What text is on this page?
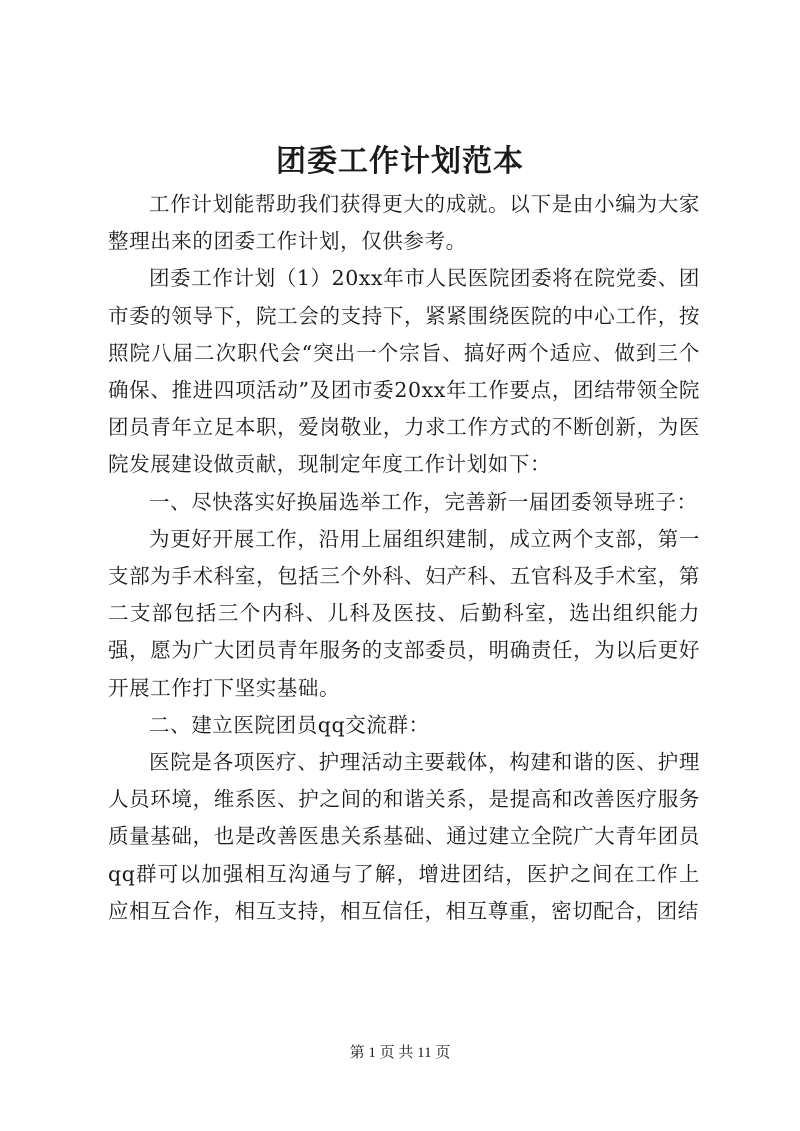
团委工作计划范本

工作计划能帮助我们获得更大的成就。以下是由小编为大家整理出来的团委工作计划，仅供参考。

团委工作计划（1）20xx年市人民医院团委将在院党委、团市委的领导下，院工会的支持下，紧紧围绕医院的中心工作，按照院八届二次职代会“突出一个宗旨、搞好两个适应、做到三个确保、推进四项活动”及团市委20xx年工作要点，团结带领全院团员青年立足本职，爱岗敬业，力求工作方式的不断创新，为医院发展建设做贡献，现制定年度工作计划如下：

一、尽快落实好换届选举工作，完善新一届团委领导班子：

为更好开展工作，沿用上届组织建制，成立两个支部，第一支部为手术科室，包括三个外科、妇产科、五官科及手术室，第二支部包括三个内科、儿科及医技、后勤科室，选出组织能力强，愿为广大团员青年服务的支部委员，明确责任，为以后更好开展工作打下坚实基础。

二、建立医院团员qq交流群：

医院是各项医疗、护理活动主要载体，构建和谐的医、护理人员环境，维系医、护之间的和谐关系，是提高和改善医疗服务质量基础，也是改善医患关系基础、通过建立全院广大青年团员qq群可以加强相互沟通与了解，增进团结，医护之间在工作上应相互合作，相互支持，相互信任，相互尊重，密切配合，团结

第 1 页 共 11 页
